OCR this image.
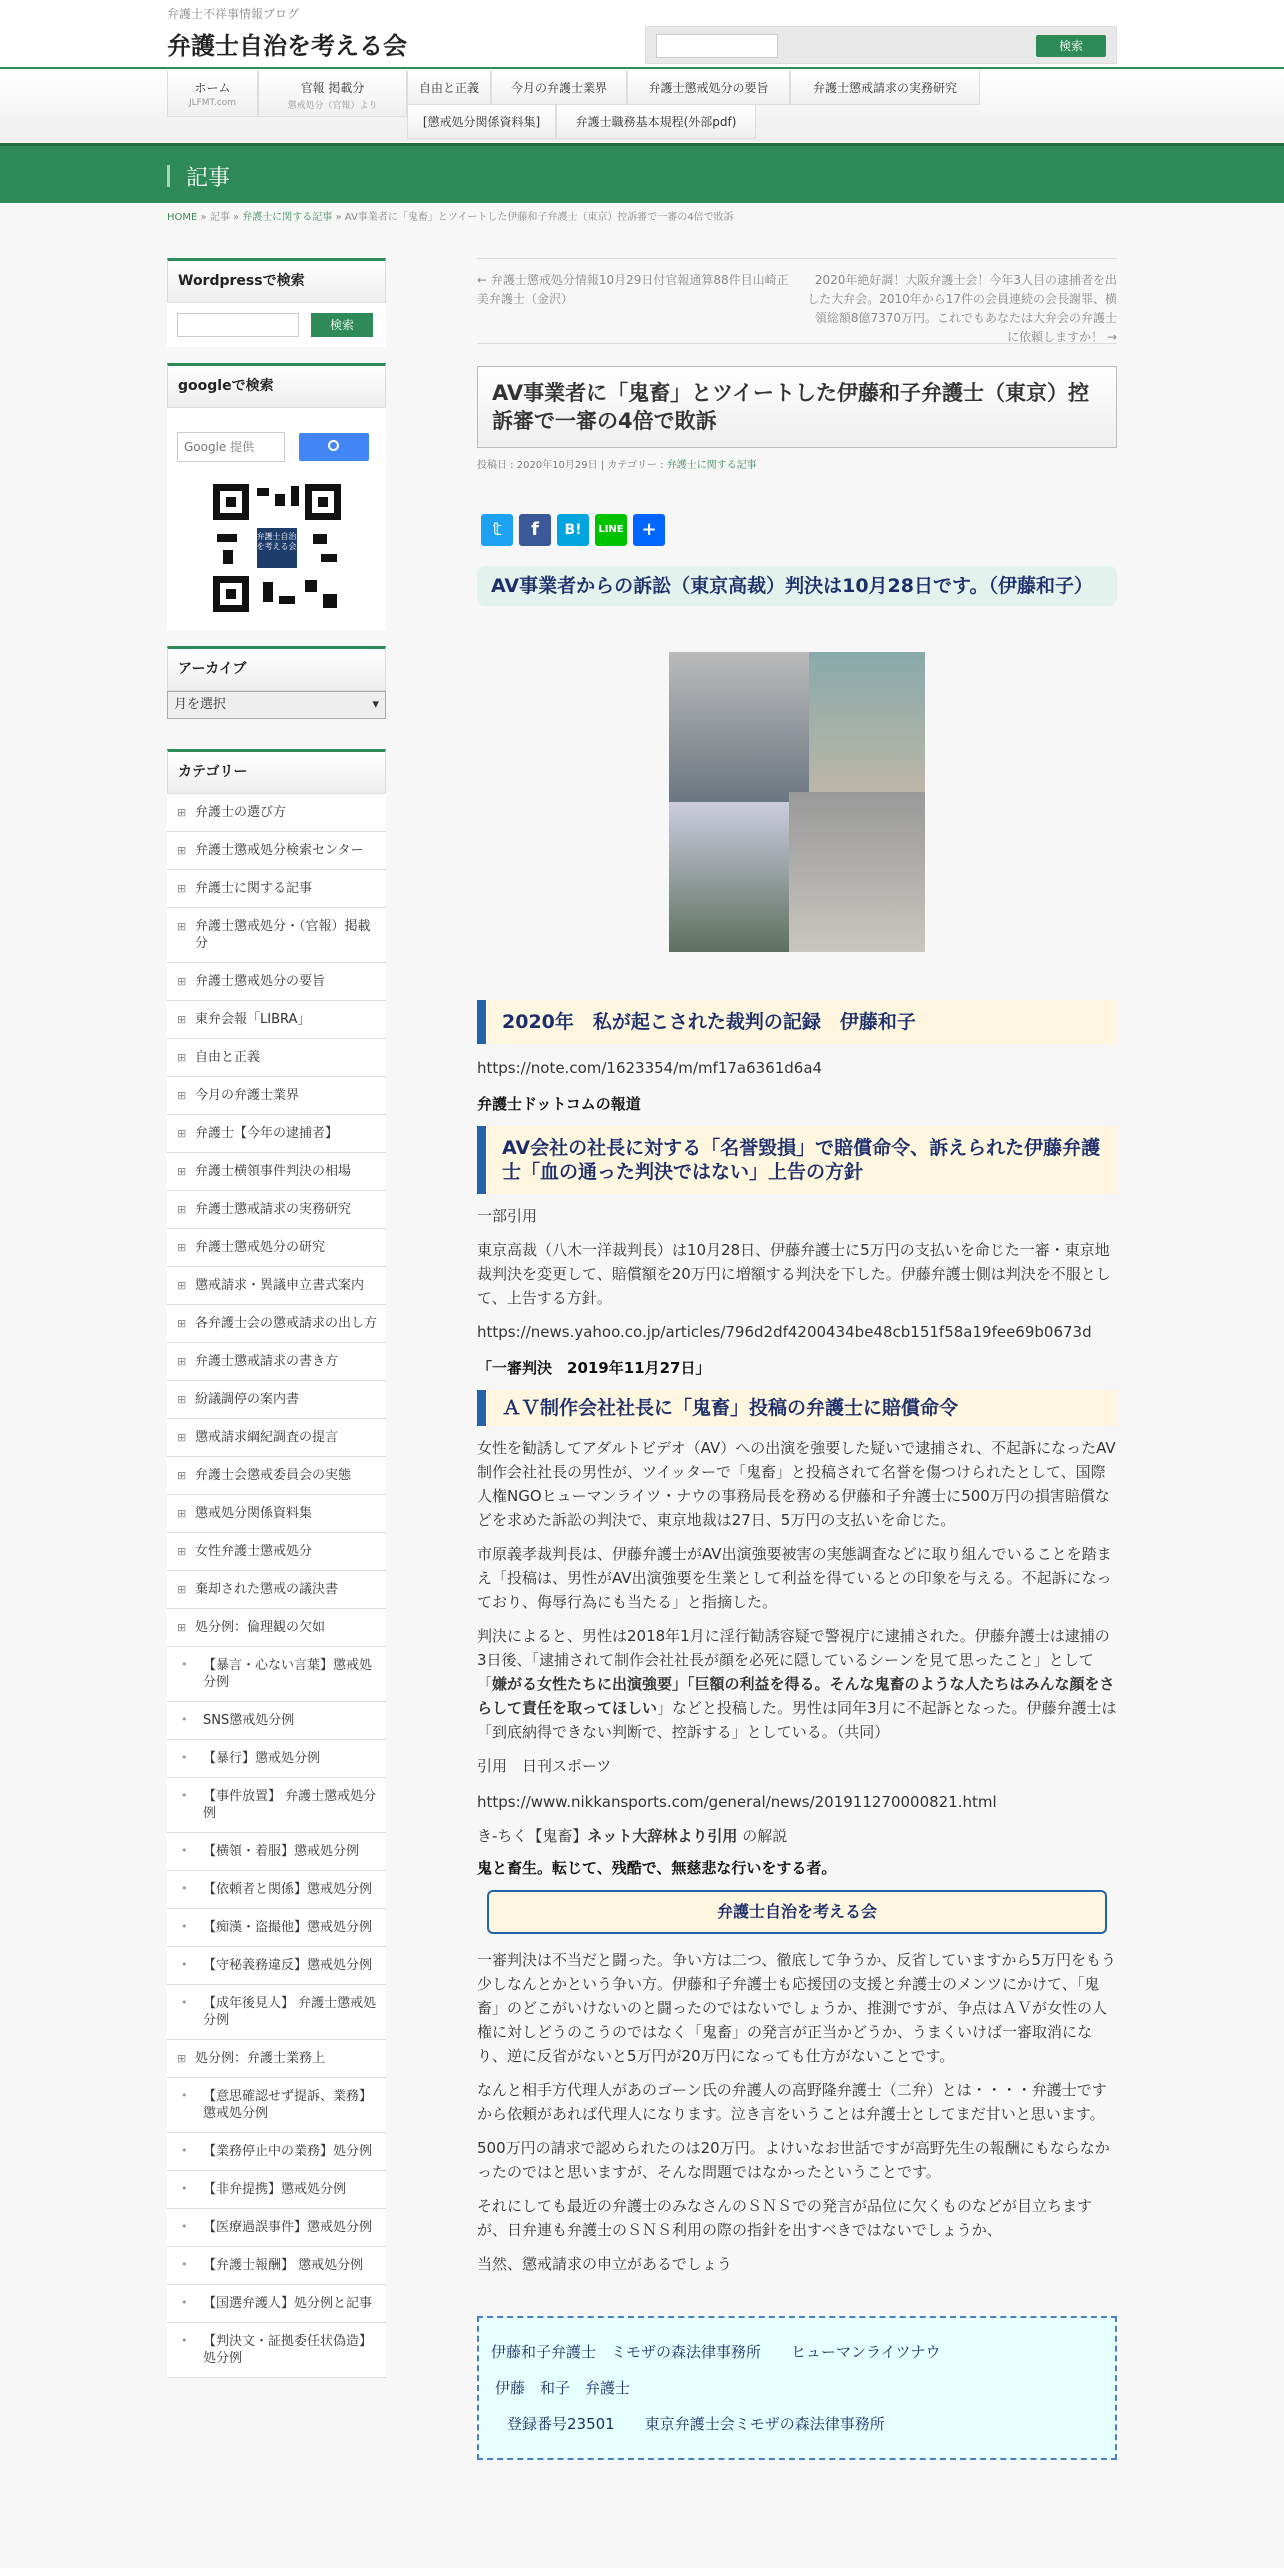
弁護士不祥事情報ブログ
弁護士自治を考える会	検索
ホーム
JLFMT.com
官報 掲載分
懲戒処分（官報）より
自由と正義	今月の弁護士業界	弁護士懲戒処分の要旨	弁護士懲戒請求の実務研究
[懲戒処分関係資料集]	弁護士職務基本規程(外部pdf)
記事
HOME » 記事 » 弁護士に関する記事 » AV事業者に「鬼畜」とツイートした伊藤和子弁護士（東京）控訴審で一審の4倍で敗訴
Wordpressで検索
検索
googleで検索
Google 提供
弁護士自治を考える会
アーカイブ
月を選択 ▾
カテゴリー
⊞ 弁護士の選び方
⊞ 弁護士懲戒処分検索センター
⊞ 弁護士に関する記事
⊞ 弁護士懲戒処分・（官報）掲載分
⊞ 弁護士懲戒処分の要旨
⊞ 東弁会報「LIBRA」
⊞ 自由と正義
⊞ 今月の弁護士業界
⊞ 弁護士【今年の逮捕者】
⊞ 弁護士横領事件判決の相場
⊞ 弁護士懲戒請求の実務研究
⊞ 弁護士懲戒処分の研究
⊞ 懲戒請求・異議申立書式案内
⊞ 各弁護士会の懲戒請求の出し方
⊞ 弁護士懲戒請求の書き方
⊞ 紛議調停の案内書
⊞ 懲戒請求綱紀調査の提言
⊞ 弁護士会懲戒委員会の実態
⊞ 懲戒処分関係資料集
⊞ 女性弁護士懲戒処分
⊞ 棄却された懲戒の議決書
⊞ 処分例：倫理観の欠如
• 【暴言・心ない言葉】懲戒処分例
• SNS懲戒処分例
• 【暴行】懲戒処分例
• 【事件放置】 弁護士懲戒処分例
• 【横領・着服】懲戒処分例
• 【依頼者と関係】懲戒処分例
• 【痴漢・盗撮他】懲戒処分例
• 【守秘義務違反】懲戒処分例
• 【成年後見人】 弁護士懲戒処分例
⊞ 処分例：弁護士業務上
• 【意思確認せず提訴、業務】懲戒処分例
• 【業務停止中の業務】処分例
• 【非弁提携】懲戒処分例
• 【医療過誤事件】懲戒処分例
• 【弁護士報酬】 懲戒処分例
• 【国選弁護人】処分例と記事
• 【判決文・証拠委任状偽造】処分例
← 弁護士懲戒処分情報10月29日付官報通算88件目山崎正美弁護士（金沢）
2020年絶好調！大阪弁護士会！今年3人目の逮捕者を出した大弁会。2010年から17件の会員連続の会長謝罪、横領総額8億7370万円。これでもあなたは大弁会の弁護士に依頼しますか！ →
AV事業者に「鬼畜」とツイートした伊藤和子弁護士（東京）控訴審で一審の4倍で敗訴
投稿日 : 2020年10月29日 | カテゴリー : 弁護士に関する記事
𝕥	f	B!	LINE +
AV事業者からの訴訟（東京高裁）判決は10月28日です。（伊藤和子）
2020年　私が起こされた裁判の記録　伊藤和子
https://note.com/1623354/m/mf17a6361d6a4
弁護士ドットコムの報道
AV会社の社長に対する「名誉毀損」で賠償命令、訴えられた伊藤弁護士「血の通った判決ではない」上告の方針
一部引用
東京高裁（八木一洋裁判長）は10月28日、伊藤弁護士に5万円の支払いを命じた一審・東京地裁判決を変更して、賠償額を20万円に増額する判決を下した。伊藤弁護士側は判決を不服として、上告する方針。
https://news.yahoo.co.jp/articles/796d2df4200434be48cb151f58a19fee69b0673d
「一審判決　2019年11月27日」
ＡＶ制作会社社長に「鬼畜」投稿の弁護士に賠償命令
女性を勧誘してアダルトビデオ（AV）への出演を強要した疑いで逮捕され、不起訴になったAV制作会社社長の男性が、ツイッターで「鬼畜」と投稿されて名誉を傷つけられたとして、国際人権NGOヒューマンライツ・ナウの事務局長を務める伊藤和子弁護士に500万円の損害賠償などを求めた訴訟の判決で、東京地裁は27日、5万円の支払いを命じた。
市原義孝裁判長は、伊藤弁護士がAV出演強要被害の実態調査などに取り組んでいることを踏まえ「投稿は、男性がAV出演強要を生業として利益を得ているとの印象を与える。不起訴になっており、侮辱行為にも当たる」と指摘した。
判決によると、男性は2018年1月に淫行勧誘容疑で警視庁に逮捕された。伊藤弁護士は逮捕の3日後、「逮捕されて制作会社社長が顔を必死に隠しているシーンを見て思ったこと」として「嫌がる女性たちに出演強要」「巨額の利益を得る。そんな鬼畜のような人たちはみんな顔をさらして責任を取ってほしい」などと投稿した。男性は同年3月に不起訴となった。伊藤弁護士は「到底納得できない判断で、控訴する」としている。（共同）
引用　日刊スポーツ
https://www.nikkansports.com/general/news/201911270000821.html
き-ちく【鬼畜】ネット大辞林より引用 の解説
鬼と畜生。転じて、残酷で、無慈悲な行いをする者。
弁護士自治を考える会
一審判決は不当だと闘った。争い方は二つ、徹底して争うか、反省していますから5万円をもう少しなんとかという争い方。伊藤和子弁護士も応援団の支援と弁護士のメンツにかけて、「鬼畜」のどこがいけないのと闘ったのではないでしょうか、推測ですが、争点はＡＶが女性の人権に対しどうのこうのではなく「鬼畜」の発言が正当かどうか、うまくいけば一審取消になり、逆に反省がないと5万円が20万円になっても仕方がないことです。
なんと相手方代理人があのゴーン氏の弁護人の高野隆弁護士（二弁）とは・・・・弁護士ですから依頼があれば代理人になります。泣き言をいうことは弁護士としてまだ甘いと思います。
500万円の請求で認められたのは20万円。よけいなお世話ですが高野先生の報酬にもならなかったのではと思いますが、そんな問題ではなかったということです。
それにしても最近の弁護士のみなさんのＳＮＳでの発言が品位に欠くものなどが目立ちますが、日弁連も弁護士のＳＮＳ利用の際の指針を出すべきではないでしょうか、
当然、懲戒請求の申立があるでしょう
伊藤和子弁護士　ミモザの森法律事務所　　ヒューマンライツナウ
伊藤　和子　弁護士
登録番号23501　　東京弁護士会ミモザの森法律事務所
